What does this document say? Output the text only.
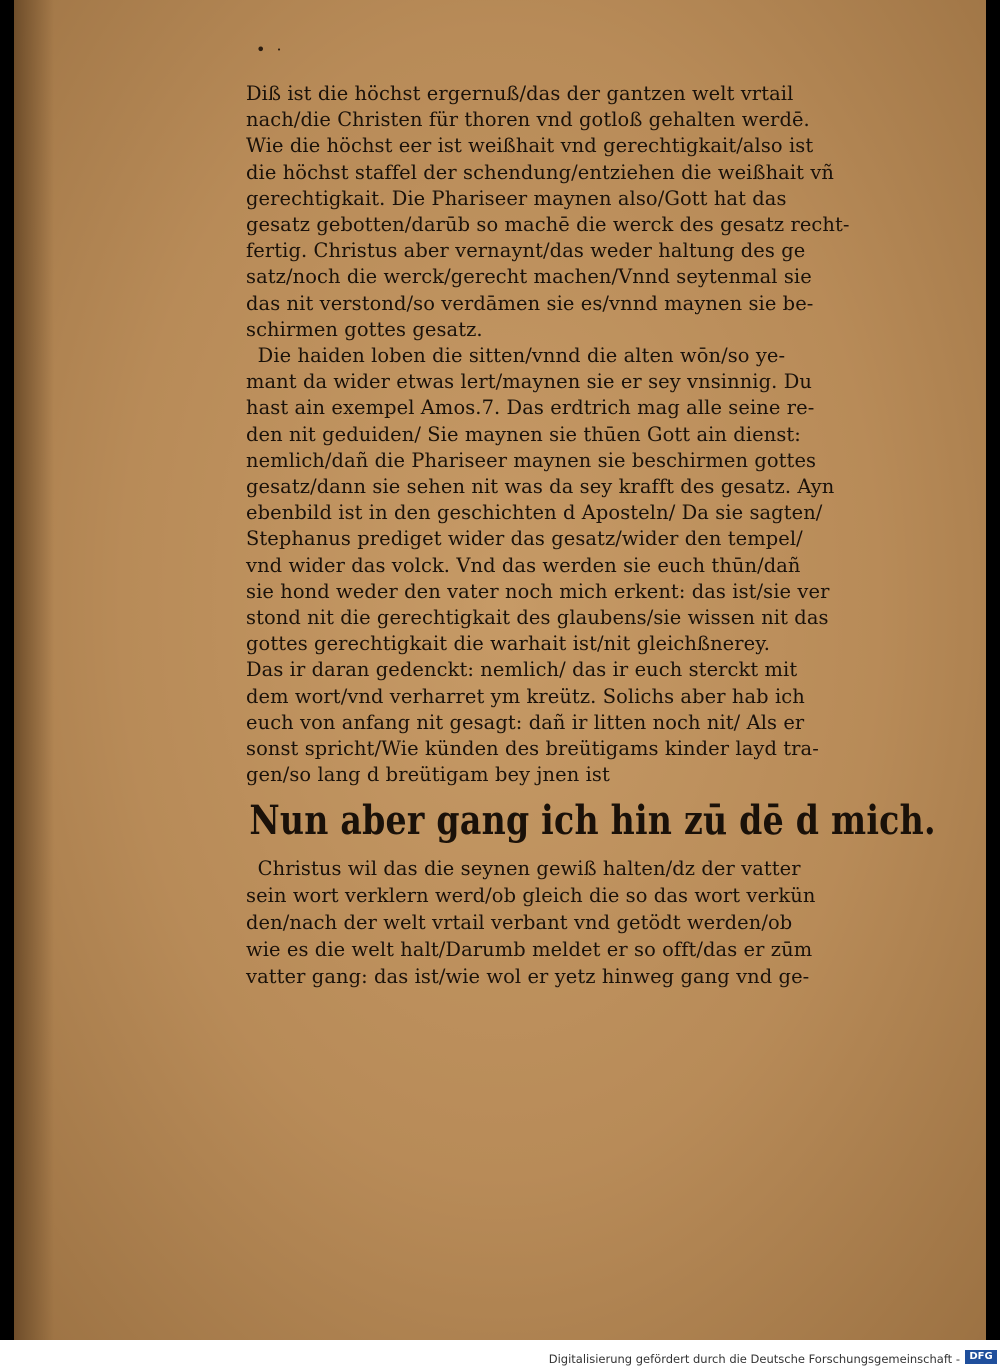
• ·
Diß ist die höchst ergernuß/das der gantzen welt vrtail
nach/die Christen für thoren vnd gotloß gehalten werdē.
Wie die höchst eer ist weißhait vnd gerechtigkait/also ist
die höchst staffel der schendung/entziehen die weißhait vñ
gerechtigkait. Die Phariseer maynen also/Gott hat das
gesatz gebotten/darūb so machē die werck des gesatz recht-
fertig. Christus aber vernaynt/das weder haltung des ge
satz/noch die werck/gerecht machen/Vnnd seytenmal sie
das nit verstond/so verdāmen sie es/vnnd maynen sie be-
schirmen gottes gesatz.
Die haiden loben die sitten/vnnd die alten wōn/so ye-
mant da wider etwas lert/maynen sie er sey vnsinnig. Du
hast ain exempel Amos.7. Das erdtrich mag alle seine re-
den nit geduiden/ Sie maynen sie thūen Gott ain dienst:
nemlich/dañ die Phariseer maynen sie beschirmen gottes
gesatz/dann sie sehen nit was da sey krafft des gesatz. Ayn
ebenbild ist in den geschichten d Aposteln/ Da sie sagten/
Stephanus prediget wider das gesatz/wider den tempel/
vnd wider das volck. Vnd das werden sie euch thūn/dañ
sie hond weder den vater noch mich erkent: das ist/sie ver
stond nit die gerechtigkait des glaubens/sie wissen nit das
gottes gerechtigkait die warhait ist/nit gleichßnerey.
Das ir daran gedenckt: nemlich/ das ir euch sterckt mit
dem wort/vnd verharret ym kreütz. Solichs aber hab ich
euch von anfang nit gesagt: dañ ir litten noch nit/ Als er
sonst spricht/Wie künden des breütigams kinder layd tra-
gen/so lang d breütigam bey jnen ist
Nun aber gang ich hin zū dē d mich.
Christus wil das die seynen gewiß halten/dz der vatter
sein wort verklern werd/ob gleich die so das wort verkün
den/nach der welt vrtail verbant vnd getödt werden/ob
wie es die welt halt/Darumb meldet er so offt/das er zūm
vatter gang: das ist/wie wol er yetz hinweg gang vnd ge-
Digitalisierung gefördert durch die Deutsche Forschungsgemeinschaft - DFG
